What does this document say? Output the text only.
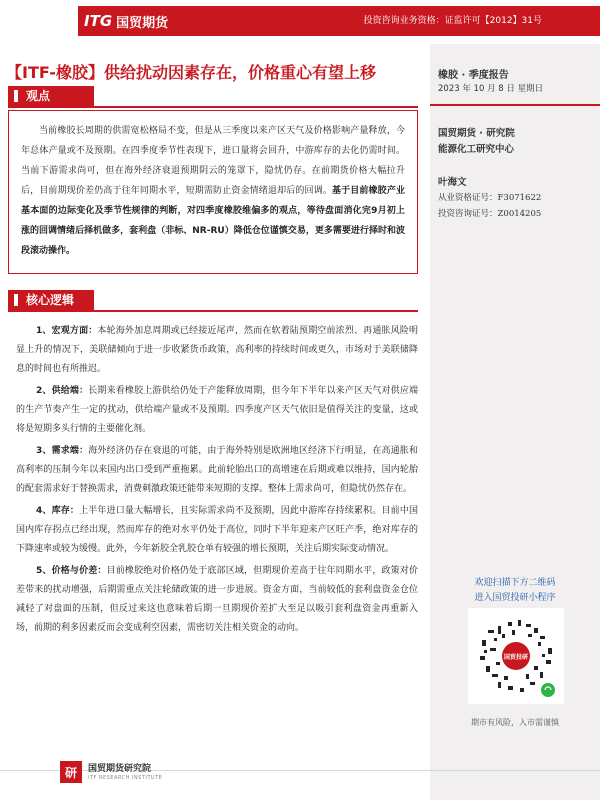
ITG 国贸期货	投资咨询业务资格：证监许可【2012】31号
【ITF-橡胶】供给扰动因素存在，价格重心有望上移
观点
当前橡胶长周期的供需宽松格局不变，但是从三季度以来产区天气及价格影响产量释放，今年总体产量或不及预期。在四季度季节性表现下，进口量将会回升，中游库存的去化仍需时间。当前下游需求尚可，但在海外经济衰退预期阴云的笼罩下，隐忧仍存。在前期货价格大幅拉升后，目前期现价差仍高于往年同期水平，短期需防止资金情绪退却后的回调。基于目前橡胶产业基本面的边际变化及季节性规律的判断，对四季度橡胶维偏多的观点，等待盘面消化完9月初上涨的回调情绪后择机做多，套利盘（非标、NR-RU）降低仓位谨慎交易，更多需要进行择时和波段滚动操作。
核心逻辑

1、宏观方面：本轮海外加息周期或已经接近尾声，然而在软着陆预期空前浓烈、再通胀风险明显上升的情况下，美联储倾向于进一步收紧货币政策，高利率的持续时间或更久，市场对于美联储降息的时间也有所推迟。

2、供给端：长期来看橡胶上游供给仍处于产能释放周期，但今年下半年以来产区天气对供应端的生产节奏产生一定的扰动，供给端产量或不及预期。四季度产区天气依旧是值得关注的变量，这或将是短期多头行情的主要催化剂。

3、需求端：海外经济仍存在衰退的可能，由于海外特别是欧洲地区经济下行明显，在高通胀和高利率的压制今年以来国内出口受到严重拖累。此前轮胎出口的高增速在后期或难以维持，国内轮胎的配套需求好于替换需求，消费刺激政策还能带来短期的支撑。整体上需求尚可，但隐忧仍然存在。

4、库存：上半年进口量大幅增长，且实际需求尚不及预期，因此中游库存持续累积。目前中国国内库存拐点已经出现，然而库存的绝对水平仍处于高位，同时下半年迎来产区旺产季，绝对库存的下降速率或较为缓慢。此外，今年新胶全乳胶仓单有较强的增长预期，关注后期实际变动情况。

5、价格与价差：目前橡胶绝对价格仍处于底部区域，但期现价差高于往年同期水平，政策对价差带来的扰动增强，后期需重点关注轮储政策的进一步进展。资金方面，当前较低的套利盘资金仓位减轻了对盘面的压制，但反过来这也意味着后期一旦期现价差扩大至足以吸引套利盘资金再重新入场，前期的利多因素反而会变成利空因素，需密切关注相关资金的动向。

橡胶 · 季度报告
2023 年 10 月 8 日 星期日
国贸期货 · 研究院
能源化工研究中心
叶海文
从业资格证号：F3071622
投资咨询证号：Z0014205
欢迎扫描下方二维码
进入国贸投研小程序
国贸投研
期市有风险，入市需谨慎
研	国贸期货研究院
ITF RESEARCH INSTITUTE
